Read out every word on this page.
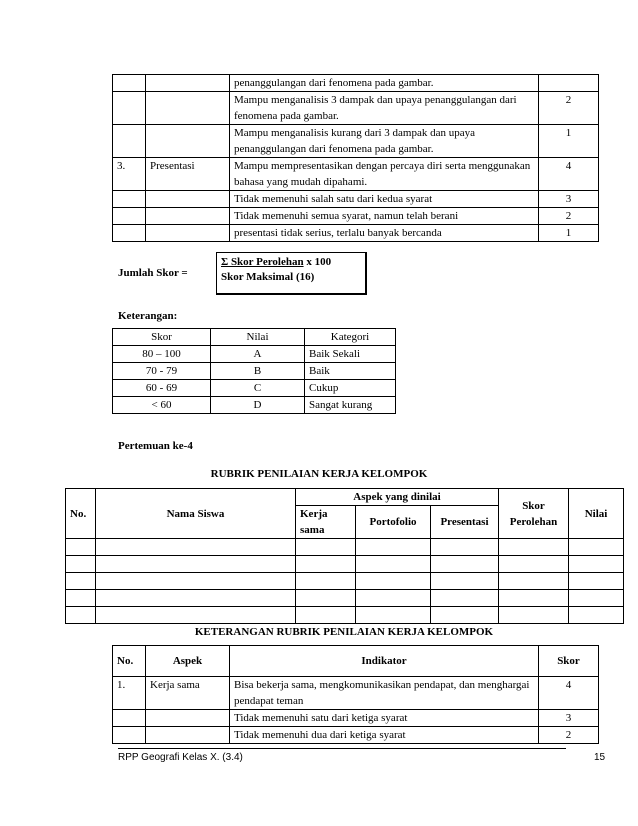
		penanggulangan dari fenomena pada gambar.	
		Mampu menganalisis 3 dampak dan upaya penanggulangan dari fenomena pada gambar.	2
		Mampu menganalisis kurang dari 3 dampak dan upaya penanggulangan dari fenomena pada gambar.	1
3.	Presentasi	Mampu mempresentasikan dengan percaya diri serta menggunakan bahasa yang mudah dipahami.	4
		Tidak memenuhi salah satu dari kedua syarat	3
		Tidak memenuhi semua syarat, namun telah berani	2
		presentasi tidak serius, terlalu banyak bercanda	1
Jumlah Skor =
Σ Skor Perolehan x 100
Skor Maksimal (16)
Keterangan:
Skor	Nilai	Kategori
80 – 100	A	Baik Sekali
70 - 79	B	Baik
60 - 69	C	Cukup
< 60	D	Sangat kurang
Pertemuan ke-4
RUBRIK PENILAIAN KERJA KELOMPOK
No.	Nama Siswa	Aspek yang dinilai			Skor Perolehan	Nilai
		Kerja sama	Portofolio	Presentasi		

KETERANGAN RUBRIK PENILAIAN KERJA KELOMPOK
No.	Aspek	Indikator	Skor
1.	Kerja sama	Bisa bekerja sama, mengkomunikasikan pendapat, dan menghargai pendapat teman	4
		Tidak memenuhi satu dari ketiga syarat	3
		Tidak memenuhi dua dari ketiga syarat	2
RPP Geografi Kelas X. (3.4)	15
